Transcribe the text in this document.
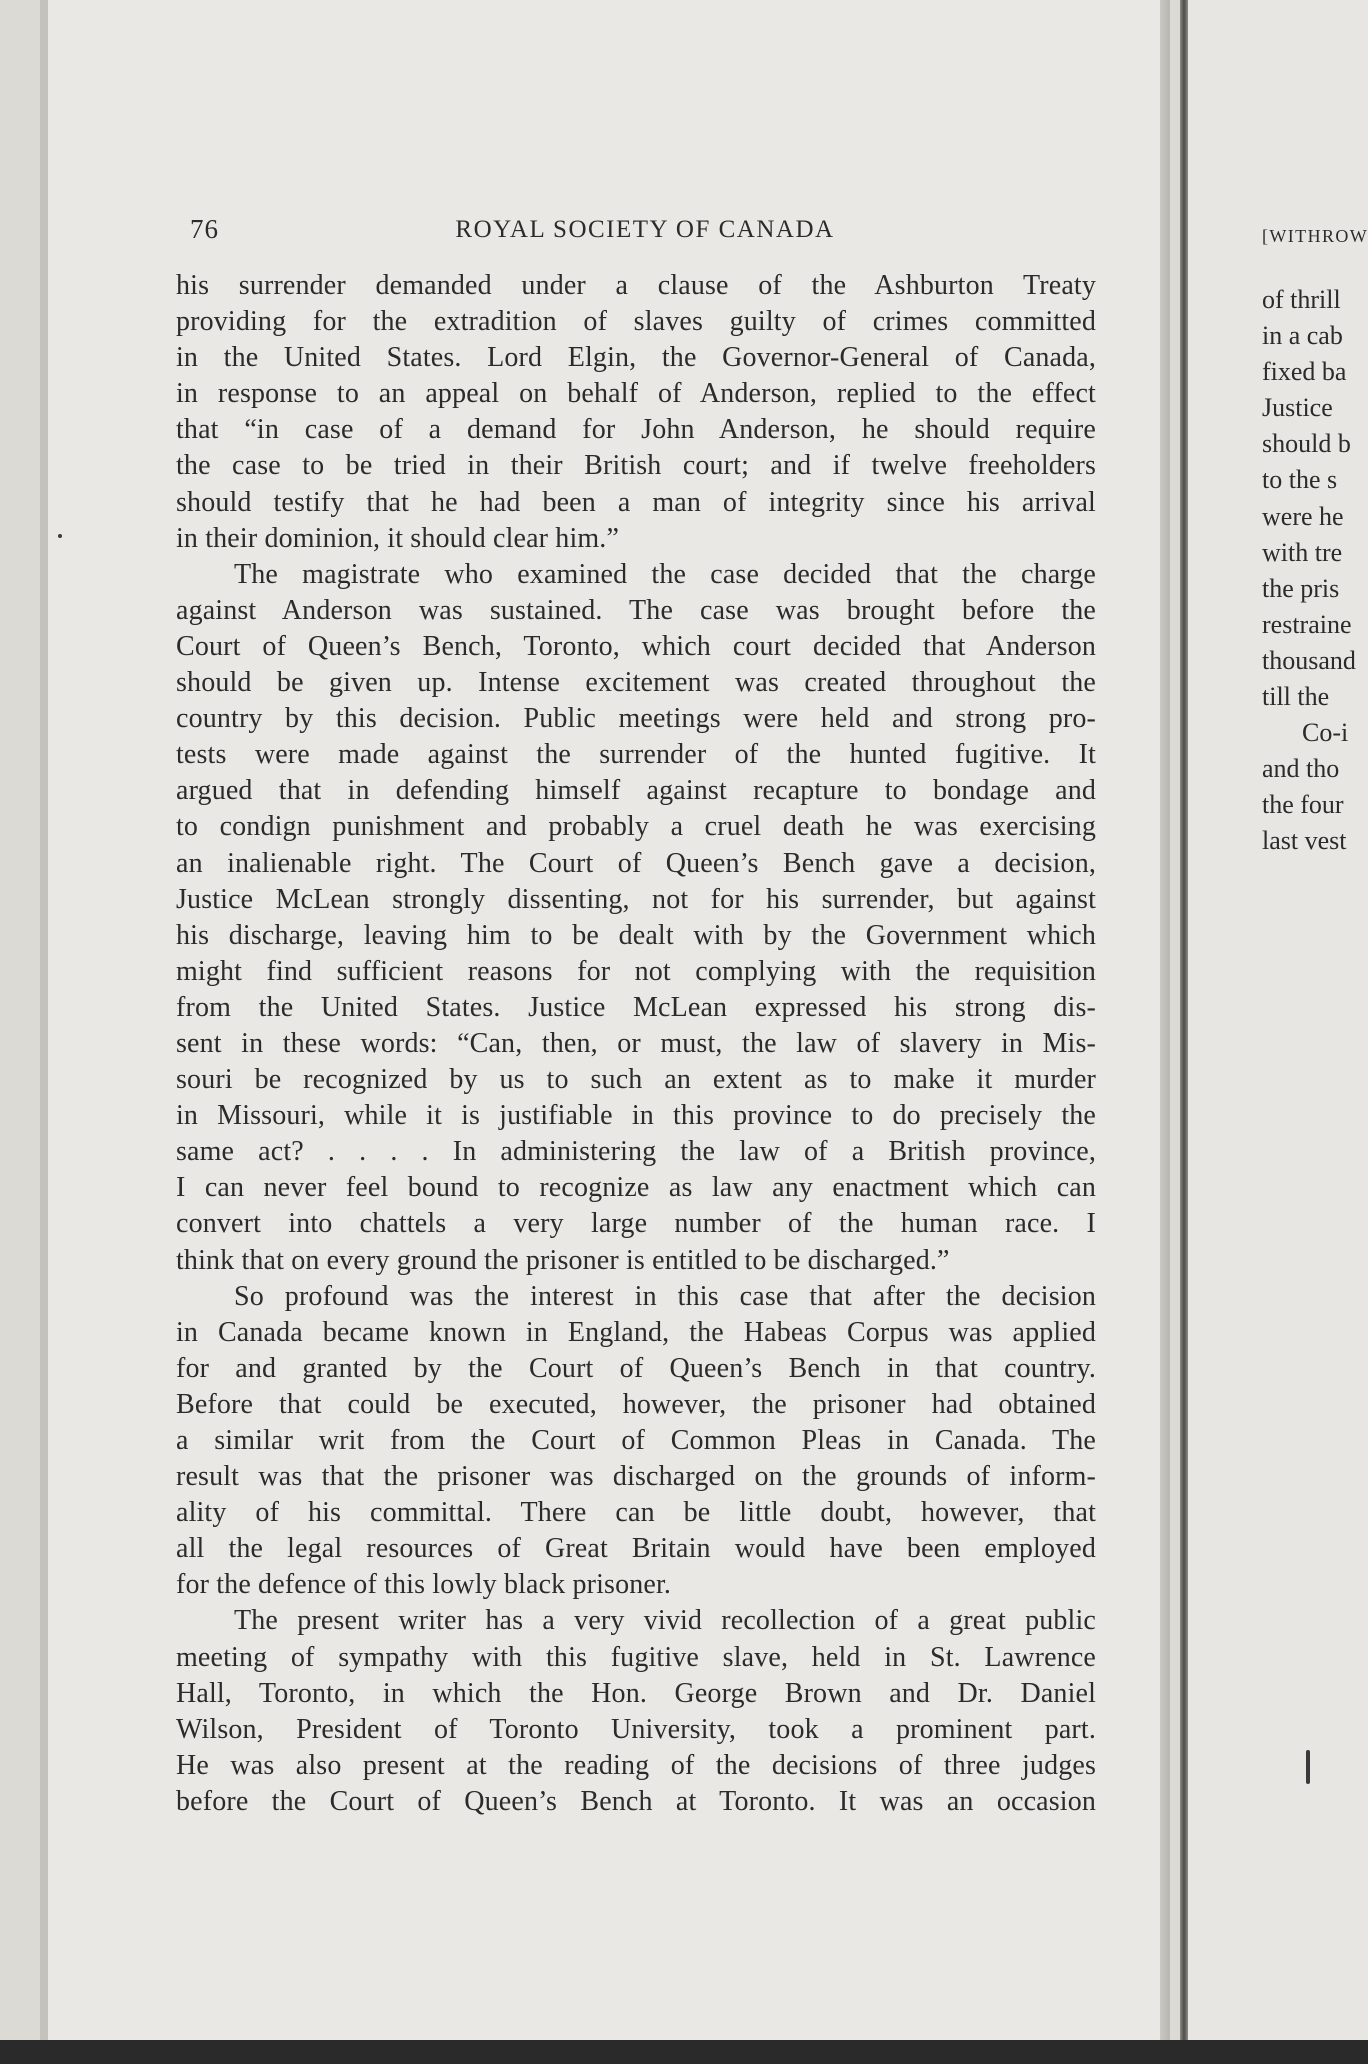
76	ROYAL SOCIETY OF CANADA
his surrender demanded under a clause of the Ashburton Treaty
providing for the extradition of slaves guilty of crimes committed
in the United States. Lord Elgin, the Governor-General of Canada,
in response to an appeal on behalf of Anderson, replied to the effect
that “in case of a demand for John Anderson, he should require
the case to be tried in their British court; and if twelve freeholders
should testify that he had been a man of integrity since his arrival
in their dominion, it should clear him.”
The magistrate who examined the case decided that the charge
against Anderson was sustained. The case was brought before the
Court of Queen’s Bench, Toronto, which court decided that Anderson
should be given up. Intense excitement was created throughout the
country by this decision. Public meetings were held and strong pro-
tests were made against the surrender of the hunted fugitive. It
argued that in defending himself against recapture to bondage and
to condign punishment and probably a cruel death he was exercising
an inalienable right. The Court of Queen’s Bench gave a decision,
Justice McLean strongly dissenting, not for his surrender, but against
his discharge, leaving him to be dealt with by the Government which
might find sufficient reasons for not complying with the requisition
from the United States. Justice McLean expressed his strong dis-
sent in these words: “Can, then, or must, the law of slavery in Mis-
souri be recognized by us to such an extent as to make it murder
in Missouri, while it is justifiable in this province to do precisely the
same act? . . . . In administering the law of a British province,
I can never feel bound to recognize as law any enactment which can
convert into chattels a very large number of the human race. I
think that on every ground the prisoner is entitled to be discharged.”
So profound was the interest in this case that after the decision
in Canada became known in England, the Habeas Corpus was applied
for and granted by the Court of Queen’s Bench in that country.
Before that could be executed, however, the prisoner had obtained
a similar writ from the Court of Common Pleas in Canada. The
result was that the prisoner was discharged on the grounds of inform-
ality of his committal. There can be little doubt, however, that
all the legal resources of Great Britain would have been employed
for the defence of this lowly black prisoner.
The present writer has a very vivid recollection of a great public
meeting of sympathy with this fugitive slave, held in St. Lawrence
Hall, Toronto, in which the Hon. George Brown and Dr. Daniel
Wilson, President of Toronto University, took a prominent part.
He was also present at the reading of the decisions of three judges
before the Court of Queen’s Bench at Toronto. It was an occasion
[WITHROW
of thrill
in a cab
fixed ba
Justice
should b
to the s
were he
with tre
the pris
restraine
thousand
till the
Co-i
and tho
the four
last vest
